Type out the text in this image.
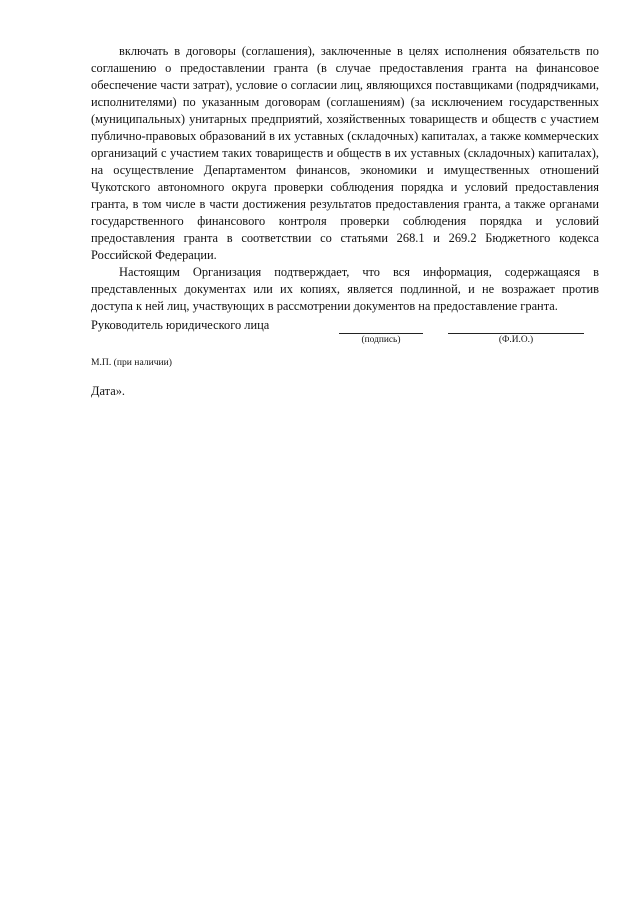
включать в договоры (соглашения), заключенные в целях исполнения обязательств по соглашению о предоставлении гранта (в случае предоставления гранта на финансовое обеспечение части затрат), условие о согласии лиц, являющихся поставщиками (подрядчиками, исполнителями) по указанным договорам (соглашениям) (за исключением государственных (муниципальных) унитарных предприятий, хозяйственных товариществ и обществ с участием публично-правовых образований в их уставных (складочных) капиталах, а также коммерческих организаций с участием таких товариществ и обществ в их уставных (складочных) капиталах), на осуществление Департаментом финансов, экономики и имущественных отношений Чукотского автономного округа проверки соблюдения порядка и условий предоставления гранта, в том числе в части достижения результатов предоставления гранта, а также органами государственного финансового контроля проверки соблюдения порядка и условий предоставления гранта в соответствии со статьями 268.1 и 269.2 Бюджетного кодекса Российской Федерации.

Настоящим Организация подтверждает, что вся информация, содержащаяся в представленных документах или их копиях, является подлинной, и не возражает против доступа к ней лиц, участвующих в рассмотрении документов на предоставление гранта.

Руководитель юридического лица
(подпись)	(Ф.И.О.)
М.П. (при наличии)
Дата».
